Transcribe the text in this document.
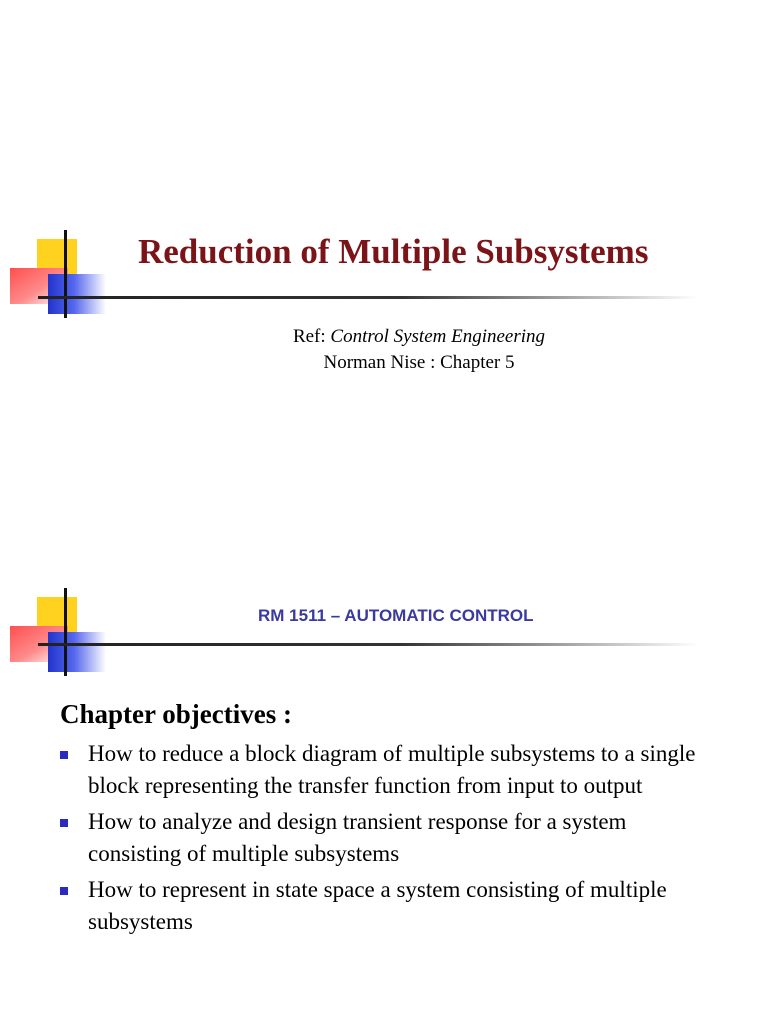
Reduction of Multiple Subsystems
Ref: Control System Engineering
Norman Nise : Chapter 5
RM 1511 – AUTOMATIC CONTROL
Chapter objectives :
How to reduce a block diagram of multiple subsystems to a single block representing the transfer function from input to output
How to analyze and design transient response for a system consisting of multiple subsystems
How to represent in state space a system consisting of multiple subsystems
